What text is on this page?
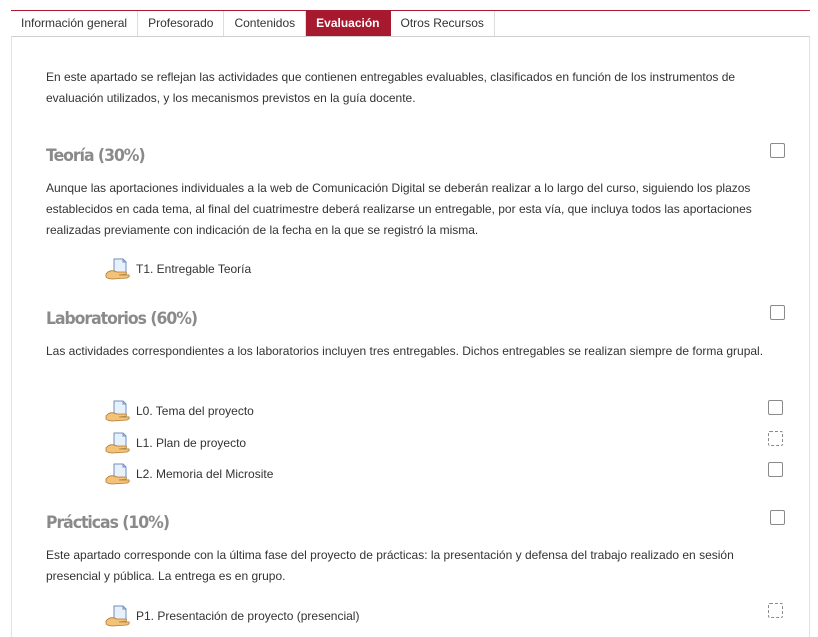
Información general	Profesorado	Contenidos	Evaluación	Otros Recursos
En este apartado se reflejan las actividades que contienen entregables evaluables, clasificados en función de los instrumentos de evaluación utilizados, y los mecanismos previstos en la guía docente.
Teoría (30%)
Aunque las aportaciones individuales a la web de Comunicación Digital se deberán realizar a lo largo del curso, siguiendo los plazos establecidos en cada tema, al final del cuatrimestre deberá realizarse un entregable, por esta vía, que incluya todos las aportaciones realizadas previamente con indicación de la fecha en la que se registró la misma.
T1. Entregable Teoría
Laboratorios (60%)
Las actividades correspondientes a los laboratorios incluyen tres entregables. Dichos entregables se realizan siempre de forma grupal.
L0. Tema del proyecto
L1. Plan de proyecto
L2. Memoria del Microsite
Prácticas (10%)
Este apartado corresponde con la última fase del proyecto de prácticas: la presentación y defensa del trabajo realizado en sesión presencial y pública. La entrega es en grupo.
P1. Presentación de proyecto (presencial)
